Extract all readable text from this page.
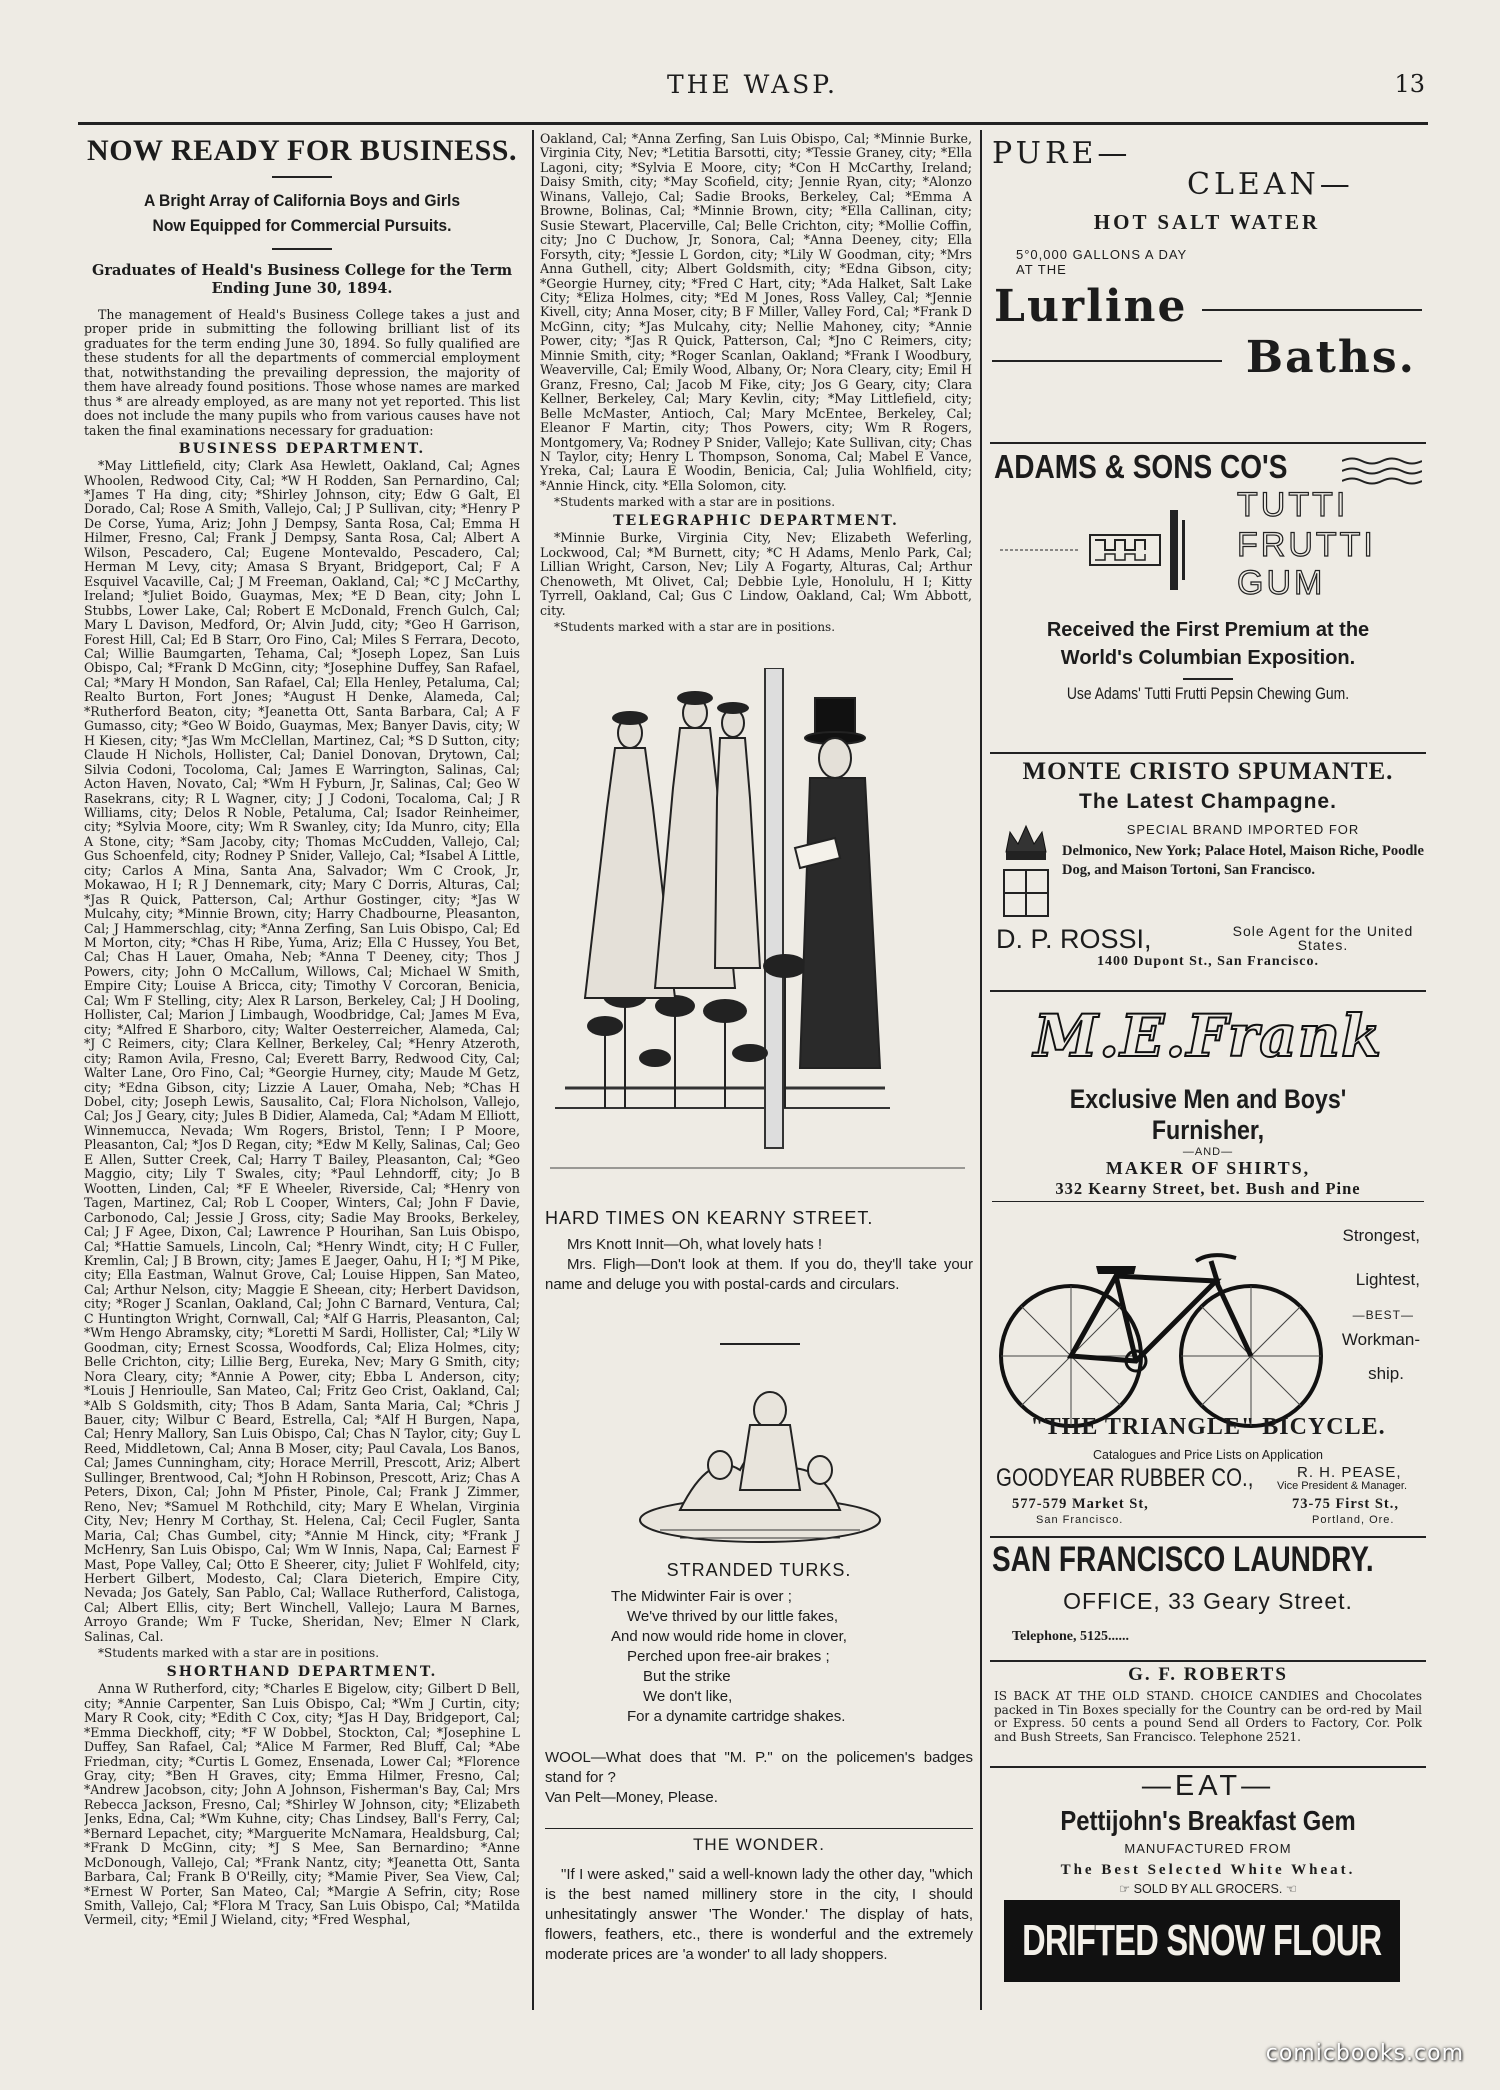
THE WASP.	13
NOW READY FOR BUSINESS.
A Bright Array of California Boys and Girls Now Equipped for Commercial Pursuits.
Graduates of Heald's Business College for the Term Ending June 30, 1894.

The management of Heald's Business College takes a just and proper pride in submitting the following brilliant list of its graduates for the term ending June 30, 1894. So fully qualified are these students for all the departments of commercial employment that, notwithstanding the prevailing depression, the majority of them have already found positions. Those whose names are marked thus * are already employed, as are many not yet reported. This list does not include the many pupils who from various causes have not taken the final examinations necessary for graduation:

BUSINESS DEPARTMENT.

*May Littlefield, city; Clark Asa Hewlett, Oakland, Cal; Agnes Whoolen, Redwood City, Cal; *W H Rodden, San Pernardino, Cal; *James T Ha ding, city; *Shirley Johnson, city; Edw G Galt, El Dorado, Cal; Rose A Smith, Vallejo, Cal; J P Sullivan, city; *Henry P De Corse, Yuma, Ariz; John J Dempsy, Santa Rosa, Cal; Emma H Hilmer, Fresno, Cal; Frank J Dempsy, Santa Rosa, Cal; Albert A Wilson, Pescadero, Cal; Eugene Montevaldo, Pescadero, Cal; Herman M Levy, city; Amasa S Bryant, Bridgeport, Cal; F A Esquivel Vacaville, Cal; J M Freeman, Oakland, Cal; *C J McCarthy, Ireland; *Juliet Boido, Guaymas, Mex; *E D Bean, city; John L Stubbs, Lower Lake, Cal; Robert E McDonald, French Gulch, Cal; Mary L Davison, Medford, Or; Alvin Judd, city; *Geo H Garrison, Forest Hill, Cal; Ed B Starr, Oro Fino, Cal; Miles S Ferrara, Decoto, Cal; Willie Baumgarten, Tehama, Cal; *Joseph Lopez, San Luis Obispo, Cal; *Frank D McGinn, city; *Josephine Duffey, San Rafael, Cal; *Mary H Mondon, San Rafael, Cal; Ella Henley, Petaluma, Cal; Realto Burton, Fort Jones; *August H Denke, Alameda, Cal; *Rutherford Beaton, city; *Jeanetta Ott, Santa Barbara, Cal; A F Gumasso, city; *Geo W Boido, Guaymas, Mex; Banyer Davis, city; W H Kiesen, city; *Jas Wm McClellan, Martinez, Cal; *S D Sutton, city; Claude H Nichols, Hollister, Cal; Daniel Donovan, Drytown, Cal; Silvia Codoni, Tocoloma, Cal; James E Warrington, Salinas, Cal; Acton Haven, Novato, Cal; *Wm H Fyburn, Jr, Salinas, Cal; Geo W Rasekrans, city; R L Wagner, city; J J Codoni, Tocaloma, Cal; J R Williams, city; Delos R Noble, Petaluma, Cal; Isador Reinheimer, city; *Sylvia Moore, city; Wm R Swanley, city; Ida Munro, city; Ella A Stone, city; *Sam Jacoby, city; Thomas McCudden, Vallejo, Cal; Gus Schoenfeld, city; Rodney P Snider, Vallejo, Cal; *Isabel A Little, city; Carlos A Mina, Santa Ana, Salvador; Wm C Crook, Jr, Mokawao, H I; R J Dennemark, city; Mary C Dorris, Alturas, Cal; *Jas R Quick, Patterson, Cal; Arthur Gostinger, city; *Jas W Mulcahy, city; *Minnie Brown, city; Harry Chadbourne, Pleasanton, Cal; J Hammerschlag, city; *Anna Zerfing, San Luis Obispo, Cal; Ed M Morton, city; *Chas H Ribe, Yuma, Ariz; Ella C Hussey, You Bet, Cal; Chas H Lauer, Omaha, Neb; *Anna T Deeney, city; Thos J Powers, city; John O McCallum, Willows, Cal; Michael W Smith, Empire City; Louise A Bricca, city; Timothy V Corcoran, Benicia, Cal; Wm F Stelling, city; Alex R Larson, Berkeley, Cal; J H Dooling, Hollister, Cal; Marion J Limbaugh, Woodbridge, Cal; James M Eva, city; *Alfred E Sharboro, city; Walter Oesterreicher, Alameda, Cal; *J C Reimers, city; Clara Kellner, Berkeley, Cal; *Henry Atzeroth, city; Ramon Avila, Fresno, Cal; Everett Barry, Redwood City, Cal; Walter Lane, Oro Fino, Cal; *Georgie Hurney, city; Maude M Getz, city; *Edna Gibson, city; Lizzie A Lauer, Omaha, Neb; *Chas H Dobel, city; Joseph Lewis, Sausalito, Cal; Flora Nicholson, Vallejo, Cal; Jos J Geary, city; Jules B Didier, Alameda, Cal; *Adam M Elliott, Winnemucca, Nevada; Wm Rogers, Bristol, Tenn; I P Moore, Pleasanton, Cal; *Jos D Regan, city; *Edw M Kelly, Salinas, Cal; Geo E Allen, Sutter Creek, Cal; Harry T Bailey, Pleasanton, Cal; *Geo Maggio, city; Lily T Swales, city; *Paul Lehndorff, city; Jo B Wootten, Linden, Cal; *F E Wheeler, Riverside, Cal; *Henry von Tagen, Martinez, Cal; Rob L Cooper, Winters, Cal; John F Davie, Carbonodo, Cal; Jessie J Gross, city; Sadie May Brooks, Berkeley, Cal; J F Agee, Dixon, Cal; Lawrence P Hourihan, San Luis Obispo, Cal; *Hattie Samuels, Lincoln, Cal; *Henry Windt, city; H C Fuller, Kremlin, Cal; J B Brown, city; James E Jaeger, Oahu, H I; *J M Pike, city; Ella Eastman, Walnut Grove, Cal; Louise Hippen, San Mateo, Cal; Arthur Nelson, city; Maggie E Sheean, city; Herbert Davidson, city; *Roger J Scanlan, Oakland, Cal; John C Barnard, Ventura, Cal; C Huntington Wright, Cornwall, Cal; *Alf G Harris, Pleasanton, Cal; *Wm Hengo Abramsky, city; *Loretti M Sardi, Hollister, Cal; *Lily W Goodman, city; Ernest Scossa, Woodfords, Cal; Eliza Holmes, city; Belle Crichton, city; Lillie Berg, Eureka, Nev; Mary G Smith, city; Nora Cleary, city; *Annie A Power, city; Ebba L Anderson, city; *Louis J Henrioulle, San Mateo, Cal; Fritz Geo Crist, Oakland, Cal; *Alb S Goldsmith, city; Thos B Adam, Santa Maria, Cal; *Chris J Bauer, city; Wilbur C Beard, Estrella, Cal; *Alf H Burgen, Napa, Cal; Henry Mallory, San Luis Obispo, Cal; Chas N Taylor, city; Guy L Reed, Middletown, Cal; Anna B Moser, city; Paul Cavala, Los Banos, Cal; James Cunningham, city; Horace Merrill, Prescott, Ariz; Albert Sullinger, Brentwood, Cal; *John H Robinson, Prescott, Ariz; Chas A Peters, Dixon, Cal; John M Pfister, Pinole, Cal; Frank J Zimmer, Reno, Nev; *Samuel M Rothchild, city; Mary E Whelan, Virginia City, Nev; Henry M Corthay, St. Helena, Cal; Cecil Fugler, Santa Maria, Cal; Chas Gumbel, city; *Annie M Hinck, city; *Frank J McHenry, San Luis Obispo, Cal; Wm W Innis, Napa, Cal; Earnest F Mast, Pope Valley, Cal; Otto E Sheerer, city; Juliet F Wohlfeld, city; Herbert Gilbert, Modesto, Cal; Clara Dieterich, Empire City, Nevada; Jos Gately, San Pablo, Cal; Wallace Rutherford, Calistoga, Cal; Albert Ellis, city; Bert Winchell, Vallejo; Laura M Barnes, Arroyo Grande; Wm F Tucke, Sheridan, Nev; Elmer N Clark, Salinas, Cal.

*Students marked with a star are in positions.
SHORTHAND DEPARTMENT.

Anna W Rutherford, city; *Charles E Bigelow, city; Gilbert D Bell, city; *Annie Carpenter, San Luis Obispo, Cal; *Wm J Curtin, city; Mary R Cook, city; *Edith C Cox, city; *Jas H Day, Bridgeport, Cal; *Emma Dieckhoff, city; *F W Dobbel, Stockton, Cal; *Josephine L Duffey, San Rafael, Cal; *Alice M Farmer, Red Bluff, Cal; *Abe Friedman, city; *Curtis L Gomez, Ensenada, Lower Cal; *Florence Gray, city; *Ben H Graves, city; Emma Hilmer, Fresno, Cal; *Andrew Jacobson, city; John A Johnson, Fisherman's Bay, Cal; Mrs Rebecca Jackson, Fresno, Cal; *Shirley W Johnson, city; *Elizabeth Jenks, Edna, Cal; *Wm Kuhne, city; Chas Lindsey, Ball's Ferry, Cal; *Bernard Lepachet, city; *Marguerite McNamara, Healdsburg, Cal; *Frank D McGinn, city; *J S Mee, San Bernardino; *Anne McDonough, Vallejo, Cal; *Frank Nantz, city; *Jeanetta Ott, Santa Barbara, Cal; Frank B O'Reilly, city; *Mamie Piver, Sea View, Cal; *Ernest W Porter, San Mateo, Cal; *Margie A Sefrin, city; Rose Smith, Vallejo, Cal; *Flora M Tracy, San Luis Obispo, Cal; *Matilda Vermeil, city; *Emil J Wieland, city; *Fred Wesphal,

Oakland, Cal; *Anna Zerfing, San Luis Obispo, Cal; *Minnie Burke, Virginia City, Nev; *Letitia Barsotti, city; *Tessie Graney, city; *Ella Lagoni, city; *Sylvia E Moore, city; *Con H McCarthy, Ireland; Daisy Smith, city; *May Scofield, city; Jennie Ryan, city; *Alonzo Winans, Vallejo, Cal; Sadie Brooks, Berkeley, Cal; *Emma A Browne, Bolinas, Cal; *Minnie Brown, city; *Ella Callinan, city; Susie Stewart, Placerville, Cal; Belle Crichton, city; *Mollie Coffin, city; Jno C Duchow, Jr, Sonora, Cal; *Anna Deeney, city; Ella Forsyth, city; *Jessie L Gordon, city; *Lily W Goodman, city; *Mrs Anna Guthell, city; Albert Goldsmith, city; *Edna Gibson, city; *Georgie Hurney, city; *Fred C Hart, city; *Ada Halket, Salt Lake City; *Eliza Holmes, city; *Ed M Jones, Ross Valley, Cal; *Jennie Kivell, city; Anna Moser, city; B F Miller, Valley Ford, Cal; *Frank D McGinn, city; *Jas Mulcahy, city; Nellie Mahoney, city; *Annie Power, city; *Jas R Quick, Patterson, Cal; *Jno C Reimers, city; Minnie Smith, city; *Roger Scanlan, Oakland; *Frank I Woodbury, Weaverville, Cal; Emily Wood, Albany, Or; Nora Cleary, city; Emil H Granz, Fresno, Cal; Jacob M Fike, city; Jos G Geary, city; Clara Kellner, Berkeley, Cal; Mary Kevlin, city; *May Littlefield, city; Belle McMaster, Antioch, Cal; Mary McEntee, Berkeley, Cal; Eleanor F Martin, city; Thos Powers, city; Wm R Rogers, Montgomery, Va; Rodney P Snider, Vallejo; Kate Sullivan, city; Chas N Taylor, city; Henry L Thompson, Sonoma, Cal; Mabel E Vance, Yreka, Cal; Laura E Woodin, Benicia, Cal; Julia Wohlfield, city; *Annie Hinck, city. *Ella Solomon, city.

*Students marked with a star are in positions.
TELEGRAPHIC DEPARTMENT.

*Minnie Burke, Virginia City, Nev; Elizabeth Weferling, Lockwood, Cal; *M Burnett, city; *C H Adams, Menlo Park, Cal; Lillian Wright, Carson, Nev; Lily A Fogarty, Alturas, Cal; Arthur Chenoweth, Mt Olivet, Cal; Debbie Lyle, Honolulu, H I; Kitty Tyrrell, Oakland, Cal; Gus C Lindow, Oakland, Cal; Wm Abbott, city.

*Students marked with a star are in positions.
HARD TIMES ON KEARNY STREET.
Mrs Knott Innit—Oh, what lovely hats !
Mrs. Fligh—Don't look at them. If you do, they'll take your name and deluge you with postal-cards and circulars.
STRANDED TURKS.
The Midwinter Fair is over ;
We've thrived by our little fakes,
And now would ride home in clover,
Perched upon free-air brakes ;
But the strike
We don't like,
For a dynamite cartridge shakes.
WOOL—What does that "M. P." on the policemen's badges stand for ?
Van Pelt—Money, Please.
THE WONDER.
"If I were asked," said a well-known lady the other day, "which is the best named millinery store in the city, I should unhesitatingly answer 'The Wonder.' The display of hats, flowers, feathers, etc., there is wonderful and the extremely moderate prices are 'a wonder' to all lady shoppers.
PURE—
CLEAN—
HOT SALT WATER
5°0,000 GALLONS A DAY
AT THE
Lurline
Baths.
ADAMS & SONS CO'S
TUTTI
FRUTTI
GUM
Received the First Premium at the World's Columbian Exposition.
Use Adams' Tutti Frutti Pepsin Chewing Gum.
MONTE CRISTO SPUMANTE.
The Latest Champagne.
SPECIAL BRAND IMPORTED FOR
Delmonico, New York; Palace Hotel, Maison Riche, Poodle Dog, and Maison Tortoni, San Francisco.
D. P. ROSSI,	Sole Agent for the United States.
1400 Dupont St., San Francisco.
M.E.Frank
Exclusive Men and Boys' Furnisher,
—AND—
MAKER OF SHIRTS,
332 Kearny Street, bet. Bush and Pine
Strongest,
Lightest,
—BEST—
Workman-
ship.
"THE TRIANGLE" BICYCLE.
Catalogues and Price Lists on Application
GOODYEAR RUBBER CO.,	R. H. PEASE,
Vice President & Manager.
577-579 Market St,	73-75 First St.,
San Francisco.	Portland, Ore.
SAN FRANCISCO LAUNDRY.
OFFICE, 33 Geary Street.
Telephone, 5125......
G. F. ROBERTS
IS BACK AT THE OLD STAND. CHOICE CANDIES and Chocolates packed in Tin Boxes specially for the Country can be ord-red by Mail or Express. 50 cents a pound Send all Orders to Factory, Cor. Polk and Bush Streets, San Francisco. Telephone 2521.
—EAT—
Pettijohn's Breakfast Gem
MANUFACTURED FROM
The Best Selected White Wheat.
☞ SOLD BY ALL GROCERS. ☜
DRIFTED SNOW FLOUR
comicbooks.com
